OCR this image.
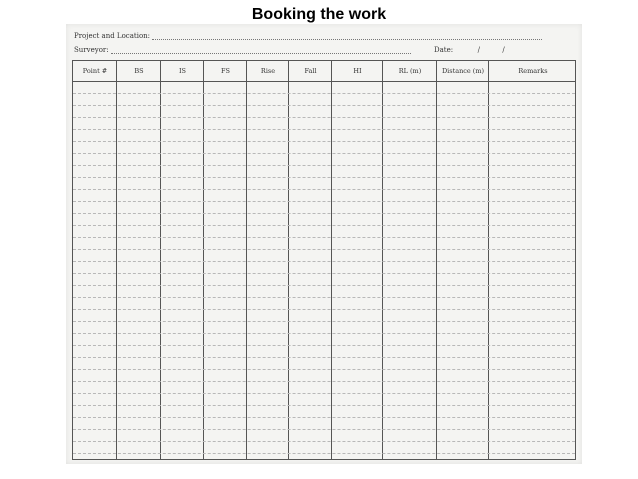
Booking the work
Project and Location:
Surveyor:	Date:	/	/
Point #	BS	IS	FS	Rise	Fall	HI	RL (m)	Distance (m)	Remarks
